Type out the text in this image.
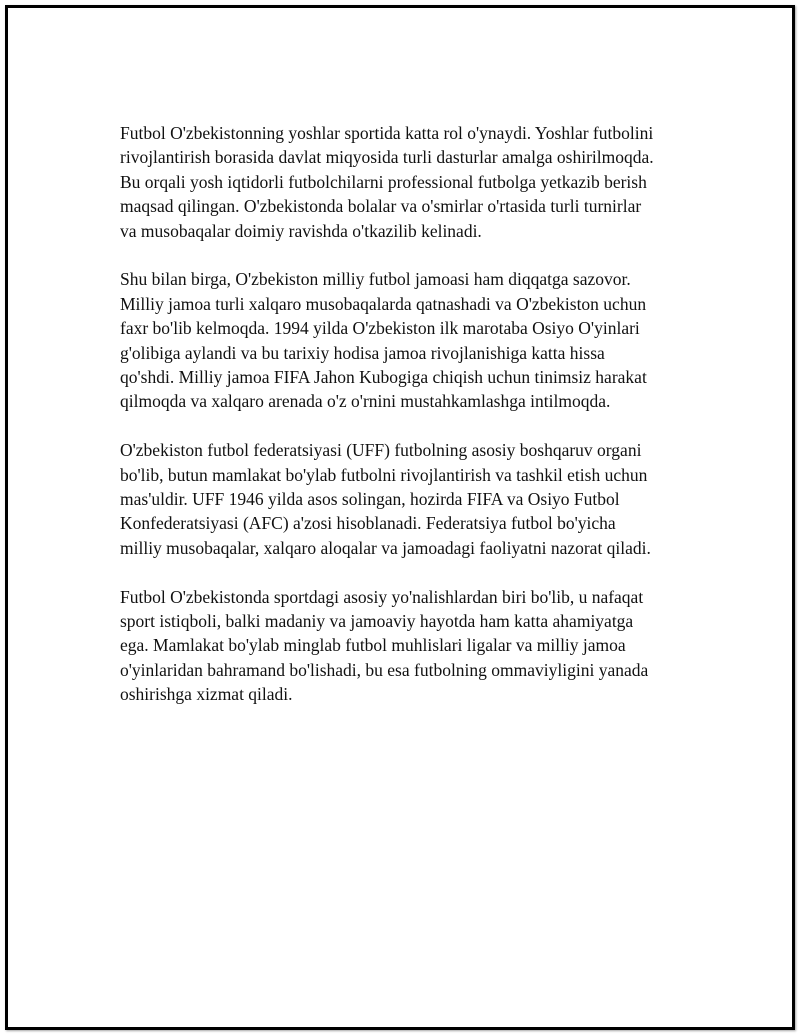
Futbol O'zbekistonning yoshlar sportida katta rol o'ynaydi. Yoshlar futbolini
rivojlantirish borasida davlat miqyosida turli dasturlar amalga oshirilmoqda.
Bu orqali yosh iqtidorli futbolchilarni professional futbolga yetkazib berish
maqsad qilingan. O'zbekistonda bolalar va o'smirlar o'rtasida turli turnirlar
va musobaqalar doimiy ravishda o'tkazilib kelinadi.

Shu bilan birga, O'zbekiston milliy futbol jamoasi ham diqqatga sazovor.
Milliy jamoa turli xalqaro musobaqalarda qatnashadi va O'zbekiston uchun
faxr bo'lib kelmoqda. 1994 yilda O'zbekiston ilk marotaba Osiyo O'yinlari
g'olibiga aylandi va bu tarixiy hodisa jamoa rivojlanishiga katta hissa
qo'shdi. Milliy jamoa FIFA Jahon Kubogiga chiqish uchun tinimsiz harakat
qilmoqda va xalqaro arenada o'z o'rnini mustahkamlashga intilmoqda.

O'zbekiston futbol federatsiyasi (UFF) futbolning asosiy boshqaruv organi
bo'lib, butun mamlakat bo'ylab futbolni rivojlantirish va tashkil etish uchun
mas'uldir. UFF 1946 yilda asos solingan, hozirda FIFA va Osiyo Futbol
Konfederatsiyasi (AFC) a'zosi hisoblanadi. Federatsiya futbol bo'yicha
milliy musobaqalar, xalqaro aloqalar va jamoadagi faoliyatni nazorat qiladi.

Futbol O'zbekistonda sportdagi asosiy yo'nalishlardan biri bo'lib, u nafaqat
sport istiqboli, balki madaniy va jamoaviy hayotda ham katta ahamiyatga
ega. Mamlakat bo'ylab minglab futbol muhlislari ligalar va milliy jamoa
o'yinlaridan bahramand bo'lishadi, bu esa futbolning ommaviyligini yanada
oshirishga xizmat qiladi.
